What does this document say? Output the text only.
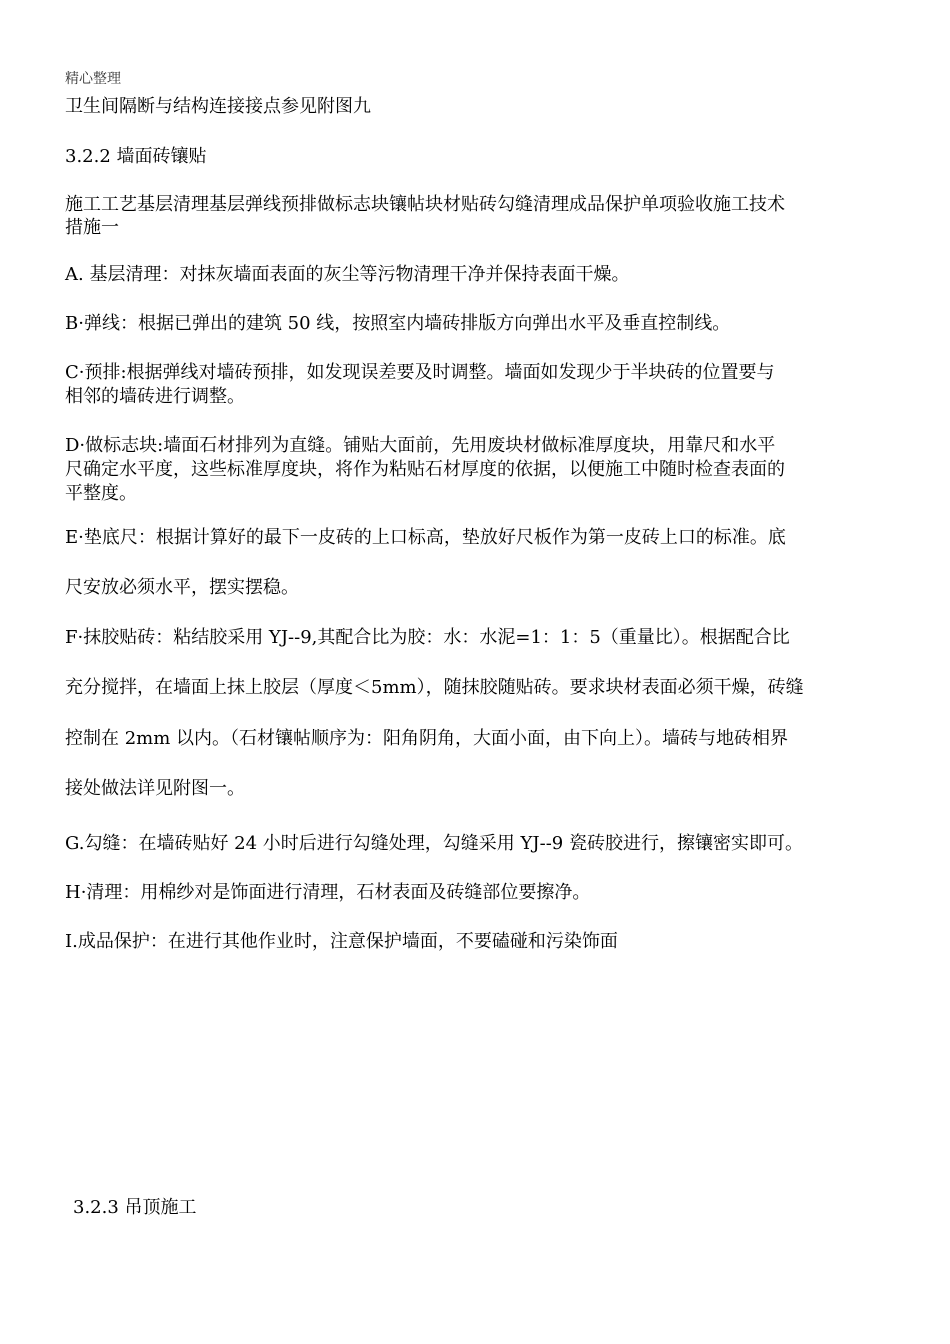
精心整理
卫生间隔断与结构连接接点参见附图九
3.2.2 墙面砖镶贴
施工工艺基层清理基层弹线预排做标志块镶帖块材贴砖勾缝清理成品保护单项验收施工技术
措施一
A. 基层清理：对抹灰墙面表面的灰尘等污物清理干净并保持表面干燥。
B·弹线：根据已弹出的建筑 50 线，按照室内墙砖排版方向弹出水平及垂直控制线。
C·预排:根据弹线对墙砖预排，如发现误差要及时调整。墙面如发现少于半块砖的位置要与
相邻的墙砖进行调整。
D·做标志块:墙面石材排列为直缝。铺贴大面前，先用废块材做标准厚度块，用靠尺和水平
尺确定水平度，这些标准厚度块，将作为粘贴石材厚度的依据，以便施工中随时检查表面的
平整度。
E·垫底尺：根据计算好的最下一皮砖的上口标高，垫放好尺板作为第一皮砖上口的标准。底
尺安放必须水平，摆实摆稳。
F·抹胶贴砖：粘结胶采用 YJ--9,其配合比为胶：水：水泥=1：1：5（重量比）。根据配合比
充分搅拌，在墙面上抹上胶层（厚度＜5mm），随抹胶随贴砖。要求块材表面必须干燥，砖缝
控制在 2mm 以内。（石材镶帖顺序为：阳角阴角，大面小面，由下向上）。墙砖与地砖相界
接处做法详见附图一。
G.勾缝：在墙砖贴好 24 小时后进行勾缝处理，勾缝采用 YJ--9 瓷砖胶进行，擦镶密实即可。
H·清理：用棉纱对是饰面进行清理，石材表面及砖缝部位要擦净。
I.成品保护：在进行其他作业时，注意保护墙面，不要磕碰和污染饰面
3.2.3 吊顶施工
